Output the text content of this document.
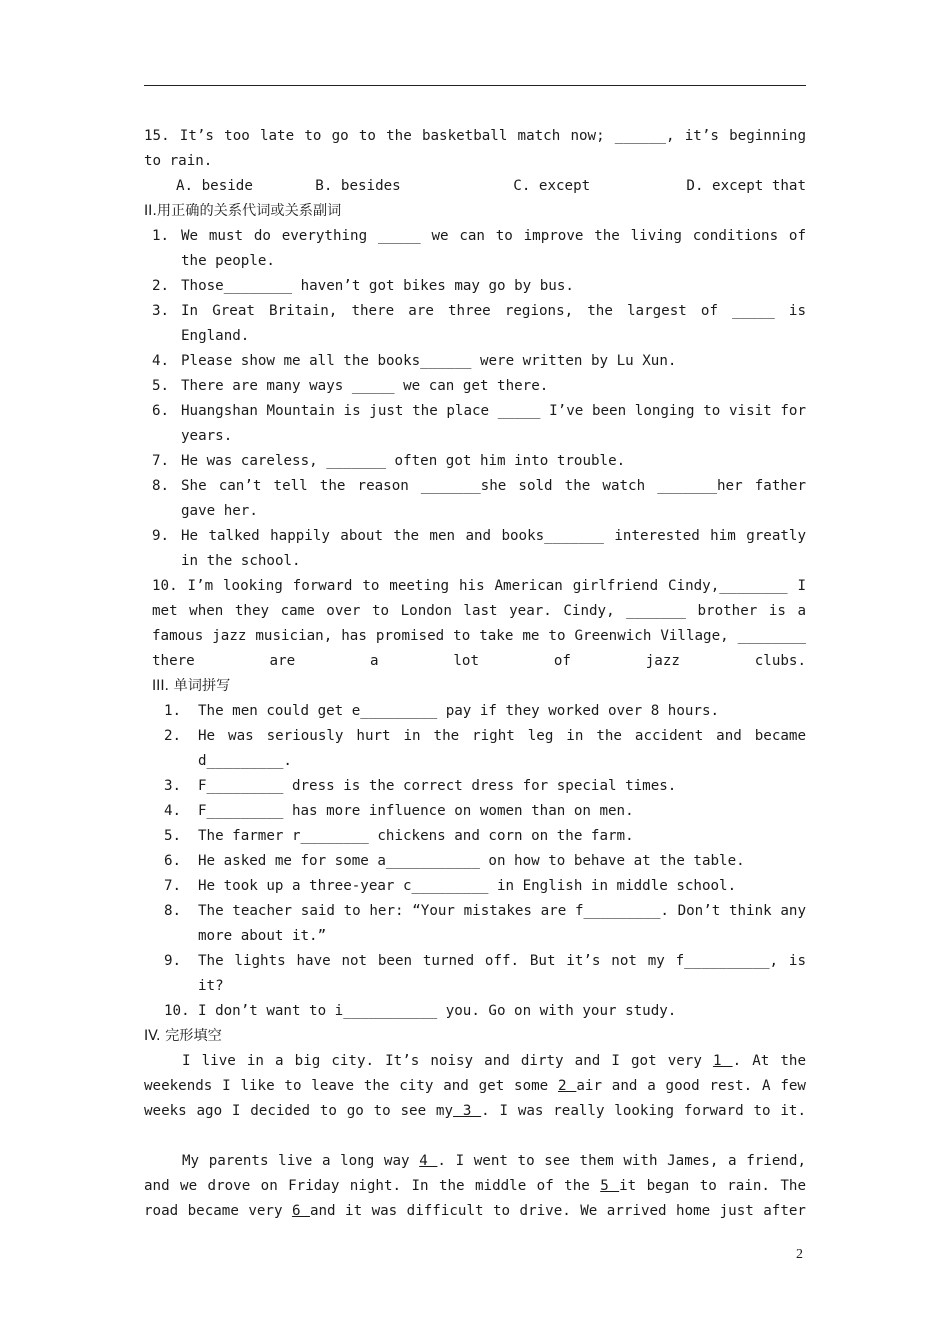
15. It’s too late to go to the basketball match now; ______, it’s beginning
to rain.
A. beside	B. besides	C. except	D. except that
II.用正确的关系代词或关系副词
1. We must do everything _____ we can to improve the living conditions of the people.
2. Those________ haven’t got bikes may go by bus.
3. In Great Britain, there are three regions, the largest of _____ is England.
4. Please show me all the books______ were written by Lu Xun.
5. There are many ways _____ we can get there.
6. Huangshan Mountain is just the place _____ I’ve been longing to visit for years.
7. He was careless, _______ often got him into trouble.
8. She can’t tell the reason _______she sold the watch _______her father gave her.
9. He talked happily about the men and books_______ interested him greatly in the school.
10. I’m looking forward to meeting his American girlfriend Cindy,________ I met when they came over to London last year. Cindy, _______ brother is a famous jazz musician, has promised to take me to Greenwich Village, ________ there are a lot of jazz clubs.
III. 单词拼写
1.	The men could get e_________ pay if they worked over 8 hours.
2.	He was seriously hurt in the right leg in the accident and became d_________.
3.	F_________ dress is the correct dress for special times.
4.	F_________ has more influence on women than on men.
5.	The farmer r________ chickens and corn on the farm.
6.	He asked me for some a___________ on how to behave at the table.
7.	He took up a three-year c_________ in English in middle school.
8.	The teacher said to her: “Your mistakes are f_________. Don’t think any more about it.”
9.	The lights have not been turned off. But it’s not my f__________, is it?
10. I don’t want to i___________ you. Go on with your study.
IV. 完形填空
I live in a big city. It’s noisy and dirty and I got very 1 . At the weekends I like to leave the city and get some 2 air and a good rest. A few weeks ago I decided to go to see my 3 . I was really looking forward to it.
My parents live a long way 4 . I went to see them with James, a friend, and we drove on Friday night. In the middle of the 5 it began to rain. The road became very 6 and it was difficult to drive. We arrived home just after
2
